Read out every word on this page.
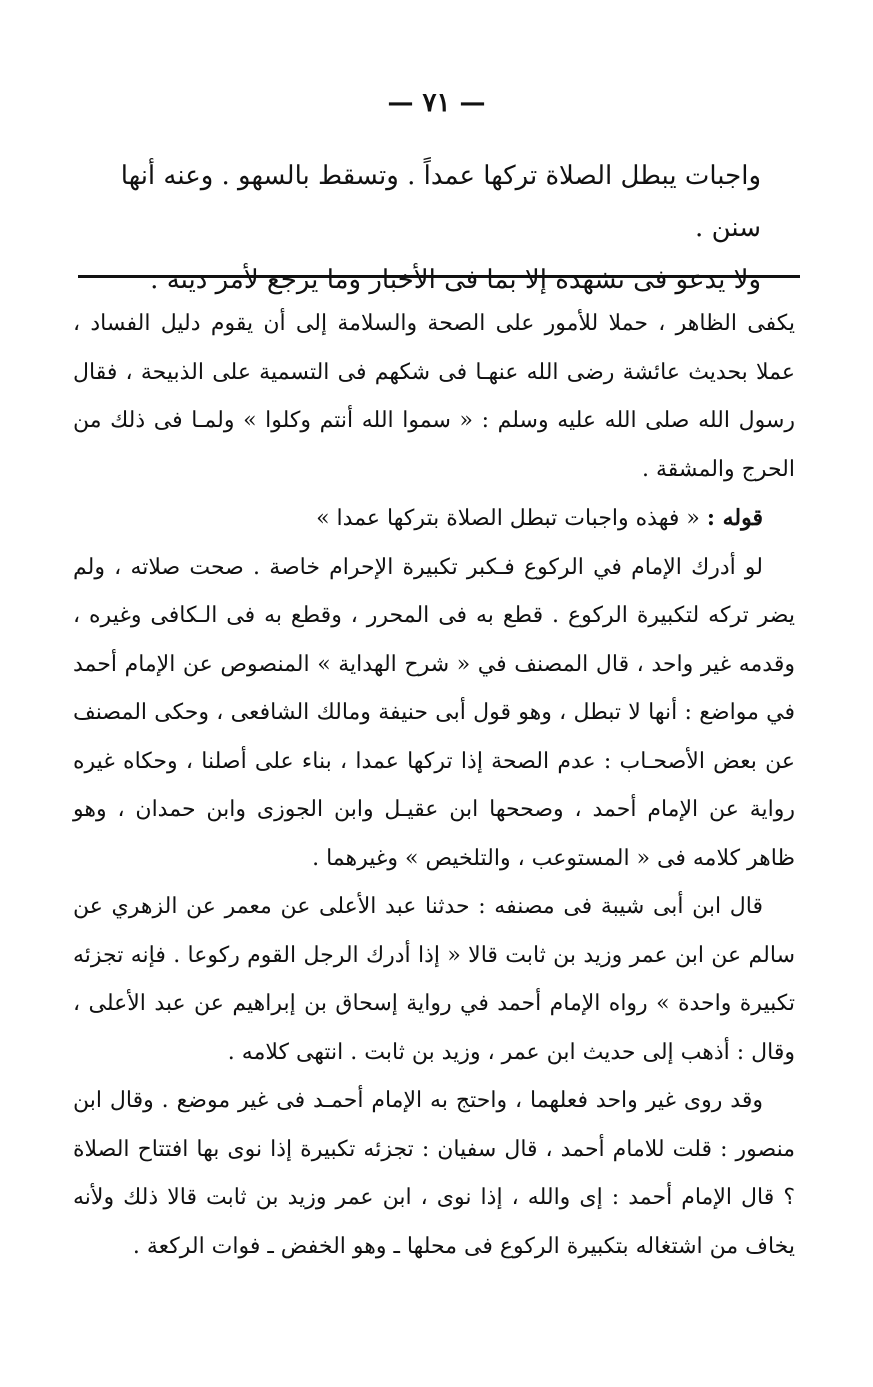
— ٧١ —

واجبات يبطل الصلاة تركها عمداً . وتسقط بالسهو . وعنه أنها سنن .

ولا يدعو فى تشهده إلا بما فى الأخبار وما يرجع لأمر دينه .

يكفى الظاهر ، حملا للأمور على الصحة والسلامة إلى أن يقوم دليل الفساد ، عملا بحديث عائشة رضى الله عنهـا فى شكهم فى التسمية على الذبيحة ، فقال رسول الله صلى الله عليه وسلم : « سموا الله أنتم وكلوا » ولمـا فى ذلك من الحرج والمشقة .

قوله : « فهذه واجبات تبطل الصلاة بتركها عمدا »

لو أدرك الإمام في الركوع فـكبر تكبيرة الإحرام خاصة . صحت صلاته ، ولم يضر تركه لتكبيرة الركوع . قطع به فى المحرر ، وقطع به فى الـكافى وغيره ، وقدمه غير واحد ، قال المصنف في « شرح الهداية » المنصوص عن الإمام أحمد في مواضع : أنها لا تبطل ، وهو قول أبى حنيفة ومالك الشافعى ، وحكى المصنف عن بعض الأصحـاب : عدم الصحة إذا تركها عمدا ، بناء على أصلنا ، وحكاه غيره رواية عن الإمام أحمد ، وصححها ابن عقيـل وابن الجوزى وابن حمدان ، وهو ظاهر كلامه فى « المستوعب ، والتلخيص » وغيرهما .

قال ابن أبى شيبة فى مصنفه : حدثنا عبد الأعلى عن معمر عن الزهري عن سالم عن ابن عمر وزيد بن ثابت قالا « إذا أدرك الرجل القوم ركوعا . فإنه تجزئه تكبيرة واحدة » رواه الإمام أحمد في رواية إسحاق بن إبراهيم عن عبد الأعلى ، وقال : أذهب إلى حديث ابن عمر ، وزيد بن ثابت . انتهى كلامه .

وقد روى غير واحد فعلهما ، واحتج به الإمام أحمـد فى غير موضع . وقال ابن منصور : قلت للامام أحمد ، قال سفيان : تجزئه تكبيرة إذا نوى بها افتتاح الصلاة ؟ قال الإمام أحمد : إى والله ، إذا نوى ، ابن عمر وزيد بن ثابت قالا ذلك ولأنه يخاف من اشتغاله بتكبيرة الركوع فى محلها ـ وهو الخفض ـ فوات الركعة .
